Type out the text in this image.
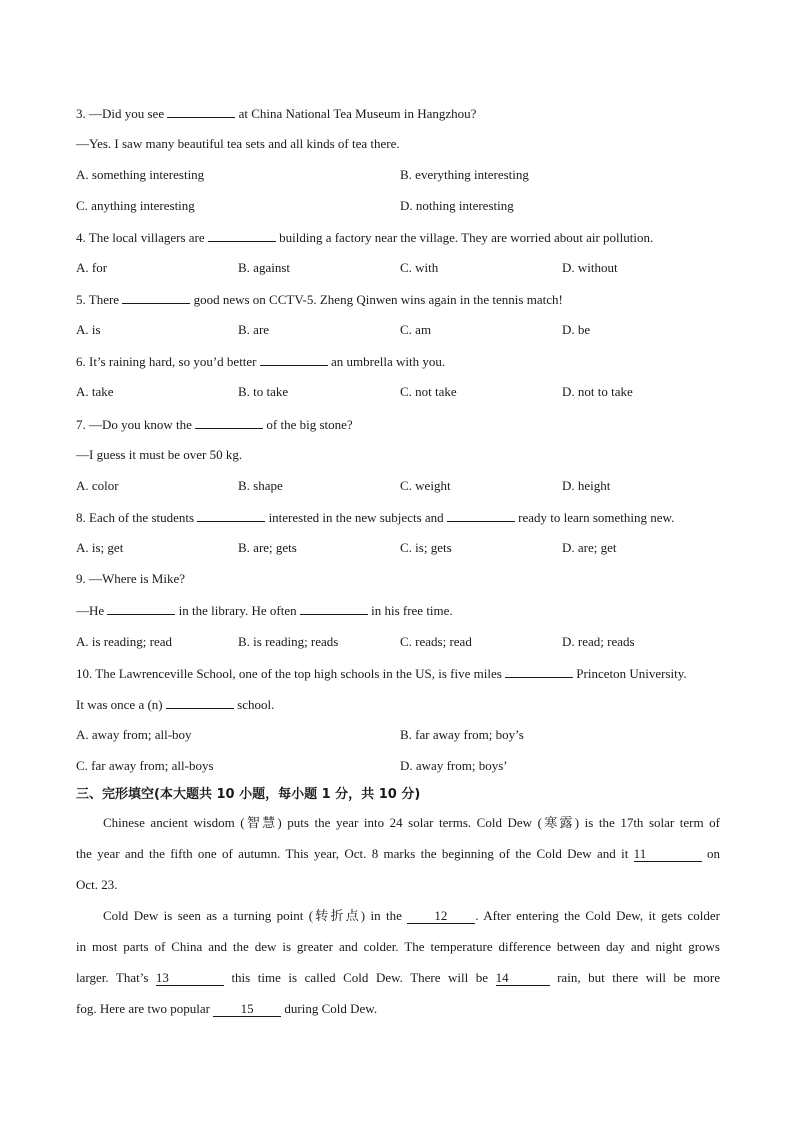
3. —Did you see	at China National Tea Museum in Hangzhou?
—Yes. I saw many beautiful tea sets and all kinds of tea there.
A. something interesting	B. everything interesting
C. anything interesting	D. nothing interesting
4. The local villagers are	building a factory near the village. They are worried about air pollution.
A. for	B. against	C. with	D. without
5. There	good news on CCTV-5. Zheng Qinwen wins again in the tennis match!
A. is	B. are	C. am	D. be
6. It’s raining hard, so you’d better	an umbrella with you.
A. take	B. to take	C. not take	D. not to take
7. —Do you know the	of the big stone?
—I guess it must be over 50 kg.
A. color	B. shape	C. weight	D. height
8. Each of the students	interested in the new subjects and	ready to learn something new.
A. is; get	B. are; gets	C. is; gets	D. are; get
9. —Where is Mike?
—He	in the library. He often	in his free time.
A. is reading; read	B. is reading; reads	C. reads; read	D. read; reads
10. The Lawrenceville School, one of the top high schools in the US, is five miles	Princeton University.
It was once a (n)	school.
A. away from; all-boy	B. far away from; boy’s
C. far away from; all-boys	D. away from; boys’
三、完形填空(本大题共 10 小题，每小题 1 分，共 10 分)
Chinese ancient wisdom (智慧) puts the year into 24 solar terms. Cold Dew (寒露) is the 17th solar term of
the year and the fifth one of autumn. This year, Oct. 8 marks the beginning of the Cold Dew and it 11	on
Oct. 23.
Cold Dew is seen as a turning point (转折点) in the 12 . After entering the Cold Dew, it gets colder
in most parts of China and the dew is greater and colder. The temperature difference between day and night grows
larger. That’s 13	this time is called Cold Dew. There will be 14	rain, but there will be more
fog. Here are two popular 15 during Cold Dew.
